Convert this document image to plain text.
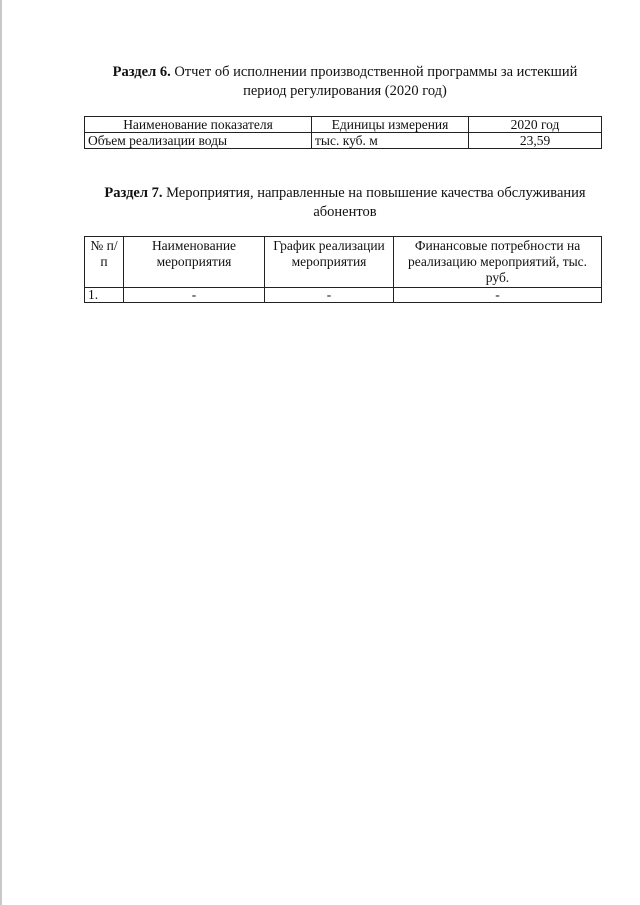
Раздел 6. Отчет об исполнении производственной программы за истекший период регулирования (2020 год)
Наименование показателя	Единицы измерения	2020 год
Объем реализации воды	тыс. куб. м	23,59
Раздел 7. Мероприятия, направленные на повышение качества обслуживания абонентов
№ п/п	Наименование мероприятия	График реализации мероприятия	Финансовые потребности на реализацию мероприятий, тыс. руб.
1.	-	-	-
